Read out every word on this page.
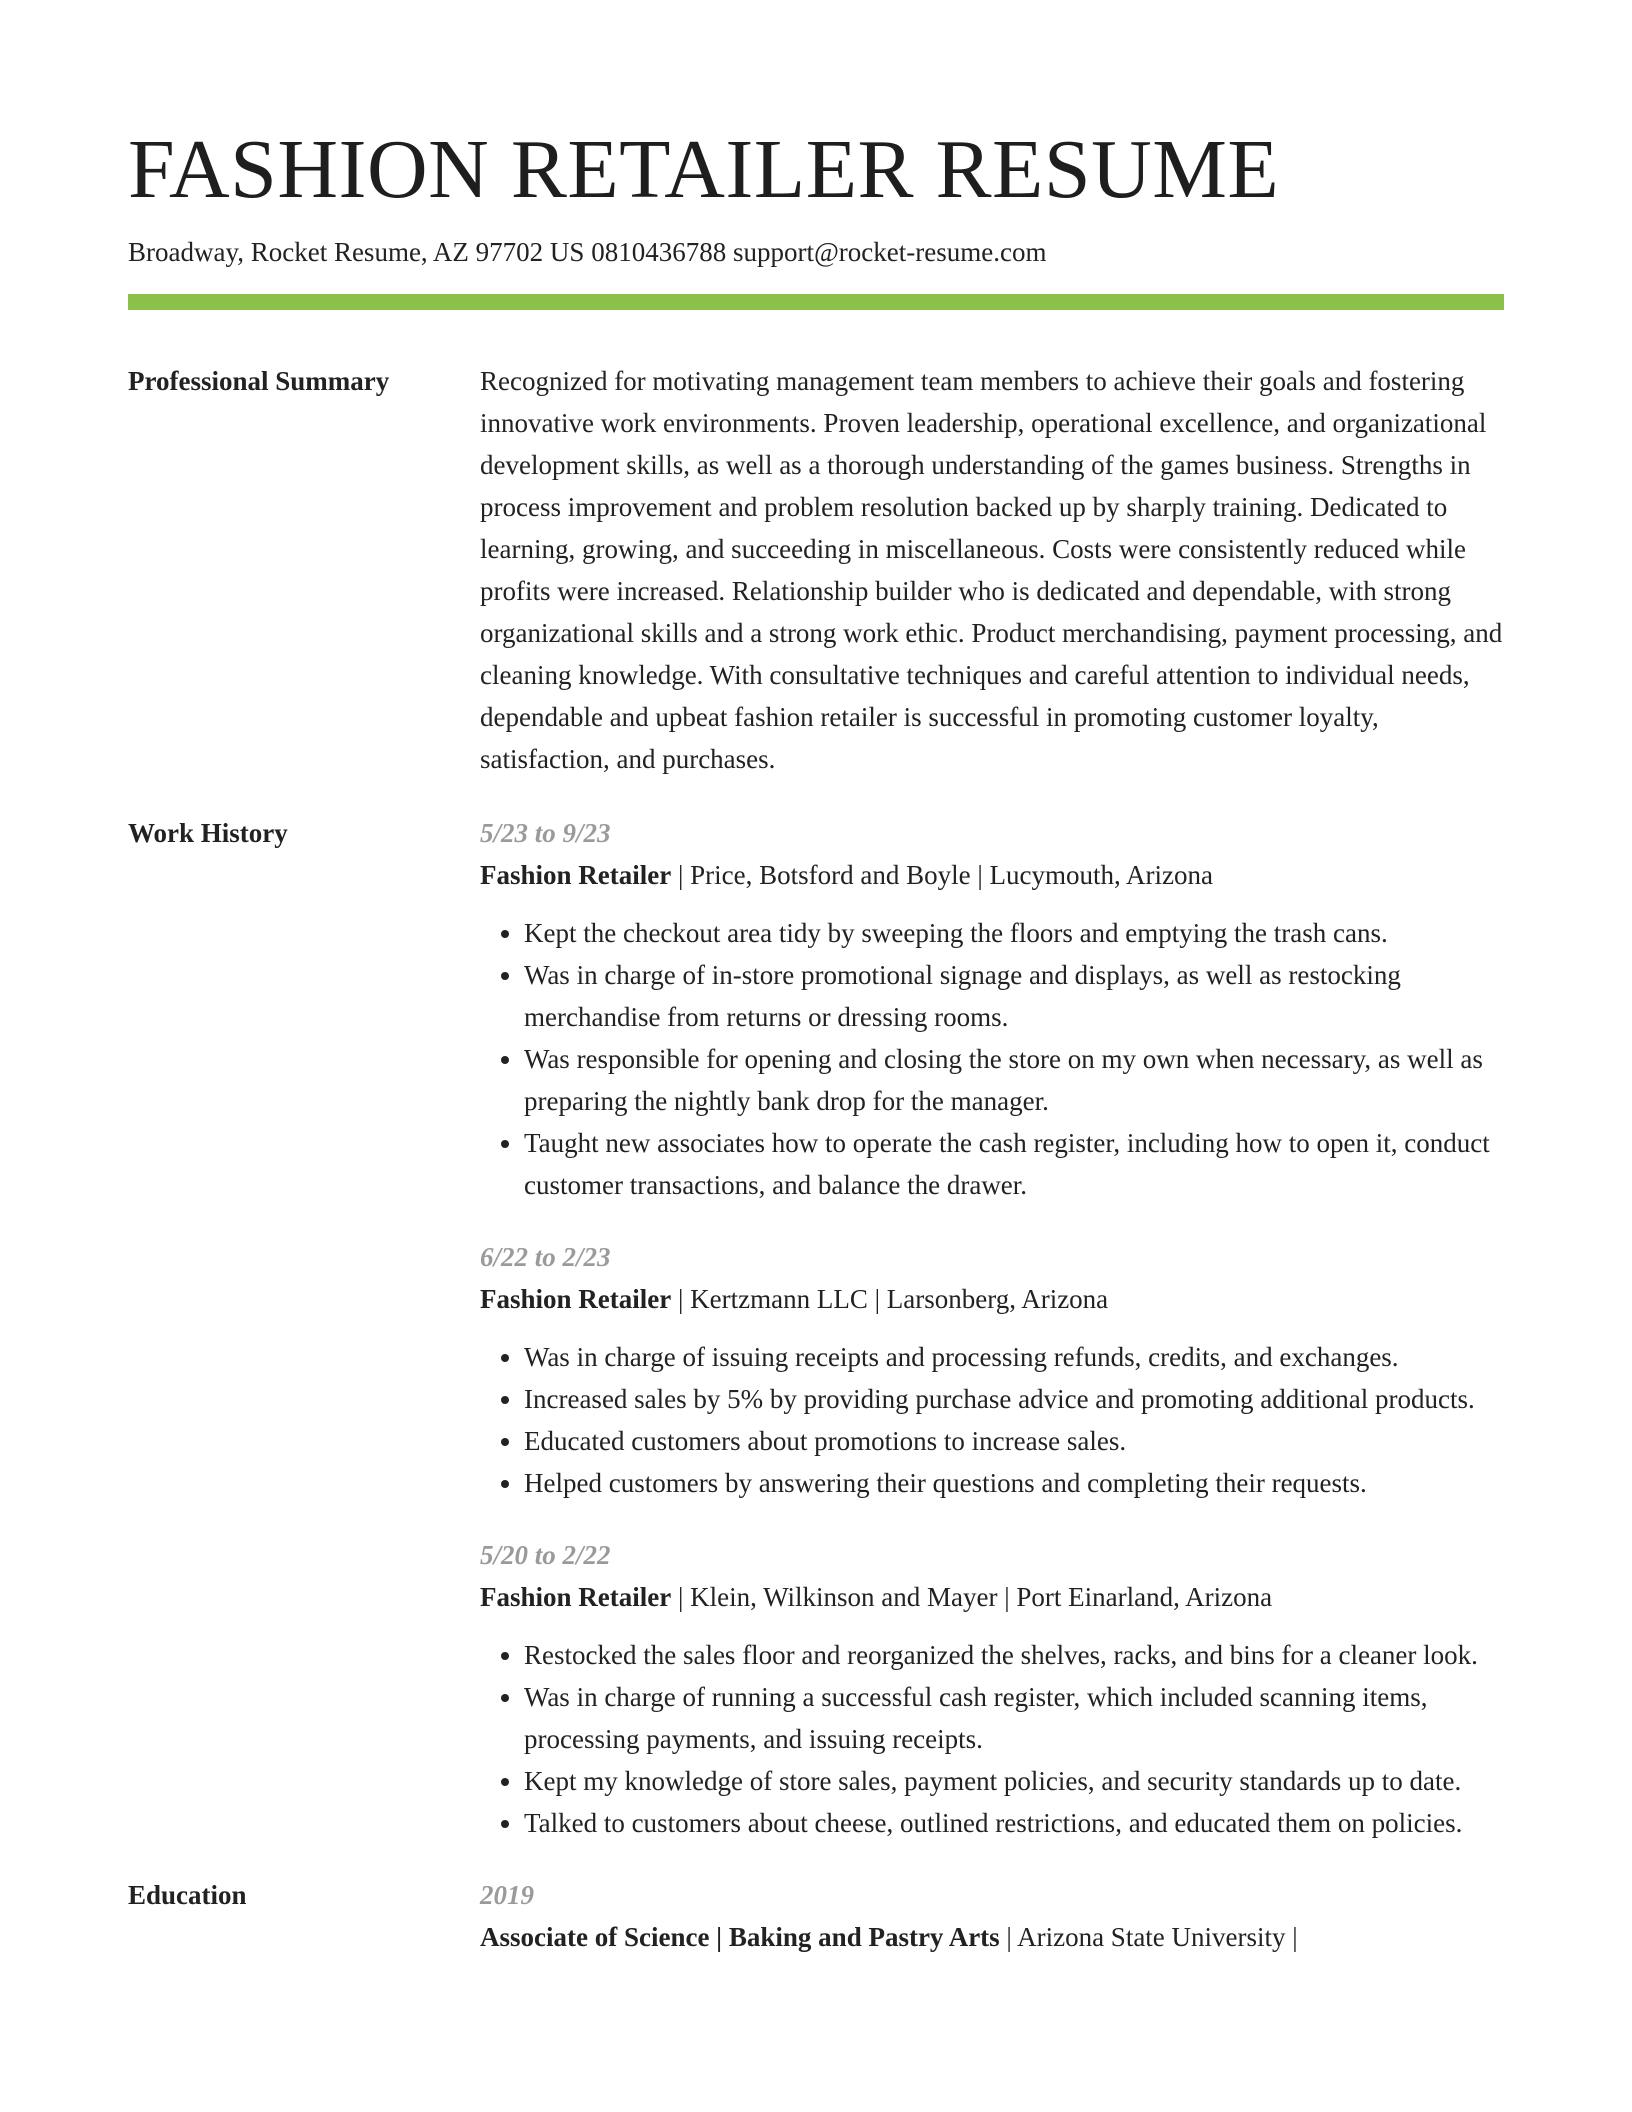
FASHION RETAILER RESUME
Broadway, Rocket Resume, AZ 97702 US 0810436788 support@rocket-resume.com
Professional Summary	Recognized for motivating management team members to achieve their goals and fostering innovative work environments. Proven leadership, operational excellence, and organizational development skills, as well as a thorough understanding of the games business. Strengths in process improvement and problem resolution backed up by sharply training. Dedicated to learning, growing, and succeeding in miscellaneous. Costs were consistently reduced while profits were increased. Relationship builder who is dedicated and dependable, with strong organizational skills and a strong work ethic. Product merchandising, payment processing, and cleaning knowledge. With consultative techniques and careful attention to individual needs, dependable and upbeat fashion retailer is successful in promoting customer loyalty, satisfaction, and purchases.

Work History	5/23 to 9/23
Fashion Retailer | Price, Botsford and Boyle | Lucymouth, Arizona
• Kept the checkout area tidy by sweeping the floors and emptying the trash cans.
• Was in charge of in-store promotional signage and displays, as well as restocking merchandise from returns or dressing rooms.
• Was responsible for opening and closing the store on my own when necessary, as well as preparing the nightly bank drop for the manager.
• Taught new associates how to operate the cash register, including how to open it, conduct customer transactions, and balance the drawer.
6/22 to 2/23
Fashion Retailer | Kertzmann LLC | Larsonberg, Arizona
• Was in charge of issuing receipts and processing refunds, credits, and exchanges.
• Increased sales by 5% by providing purchase advice and promoting additional products.
• Educated customers about promotions to increase sales.
• Helped customers by answering their questions and completing their requests.
5/20 to 2/22
Fashion Retailer | Klein, Wilkinson and Mayer | Port Einarland, Arizona
• Restocked the sales floor and reorganized the shelves, racks, and bins for a cleaner look.
• Was in charge of running a successful cash register, which included scanning items, processing payments, and issuing receipts.
• Kept my knowledge of store sales, payment policies, and security standards up to date.
• Talked to customers about cheese, outlined restrictions, and educated them on policies.
Education	2019
Associate of Science | Baking and Pastry Arts | Arizona State University |
